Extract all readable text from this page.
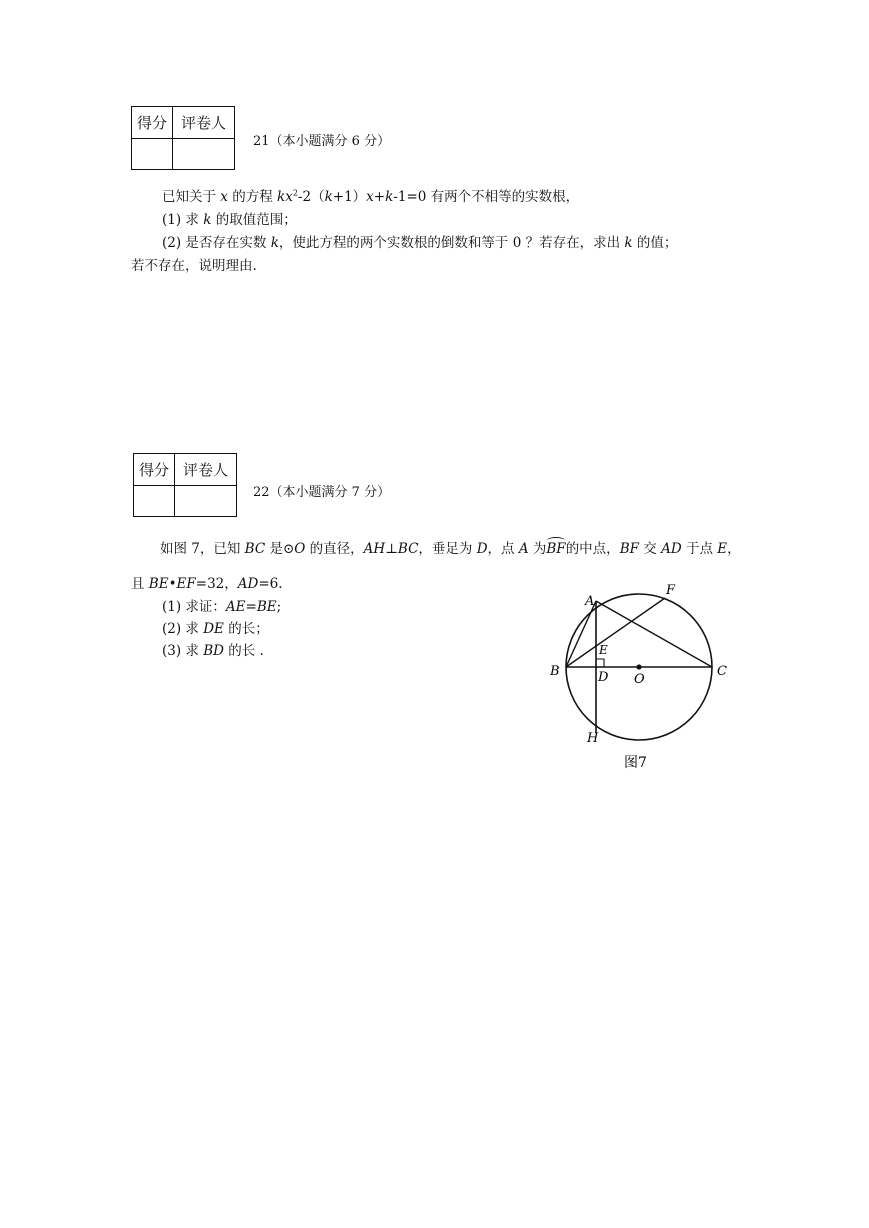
得分	评卷人

21（本小题满分 6 分）
已知关于 x 的方程 $kx^2-2(k+1)x+k-1=0$ 有两个不相等的实数根，
(1) 求 k 的取值范围；
(2) 是否存在实数 k，使此方程的两个实数根的倒数和等于 0 ？若存在，求出 k 的值；
若不存在，说明理由.
得分	评卷人

22（本小题满分 7 分）
如图 7，已知 BC 是⊙O 的直径，AH⊥BC，垂足为 D，点 A 为BF的中点，BF 交 AD 于点 E，
且 BE•EF=32，AD=6.
(1) 求证：AE=BE;
(2) 求 DE 的长；
(3) 求 BD 的长 .
A
F
E
B	D O
C
H
图7
